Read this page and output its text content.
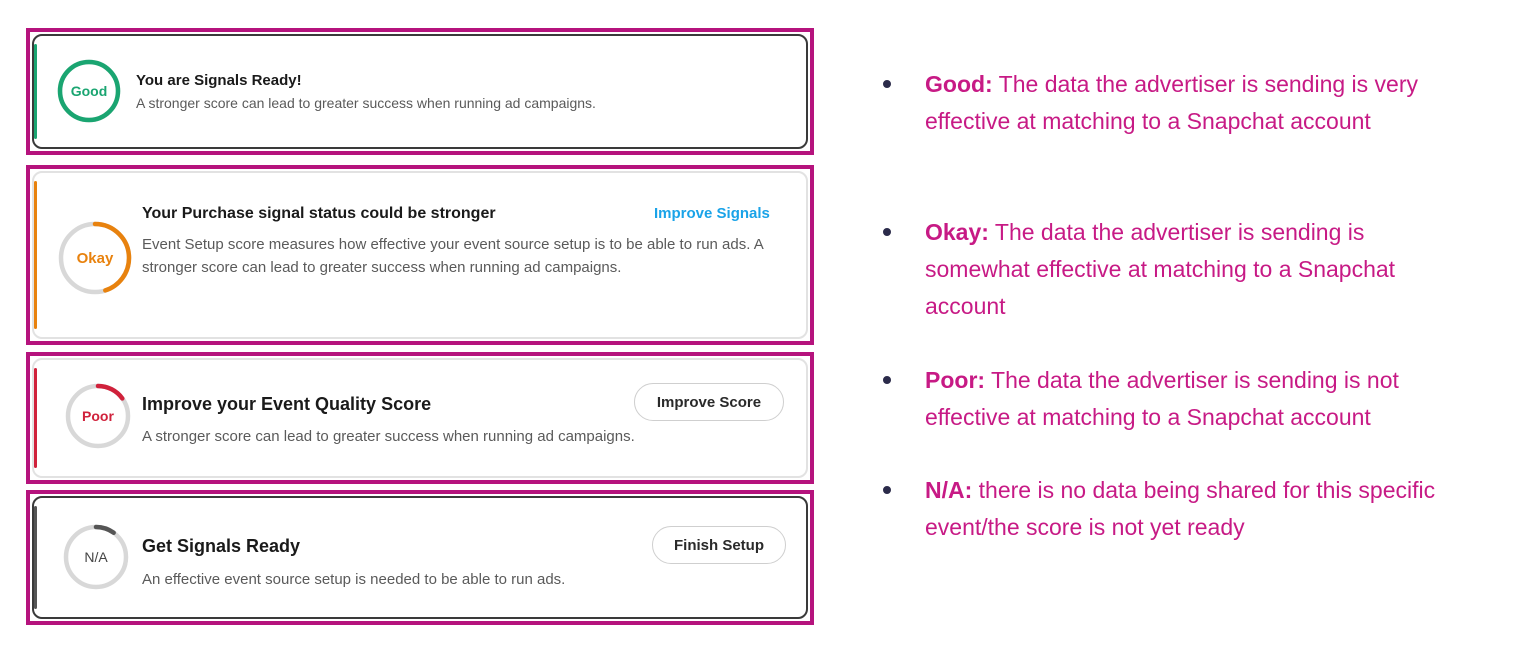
Good
You are Signals Ready!
A stronger score can lead to greater success when running ad campaigns.
Okay
Your Purchase signal status could be stronger	Improve Signals
Event Setup score measures how effective your event source setup is to be able to run ads. A stronger score can lead to greater success when running ad campaigns.
Poor
Improve your Event Quality Score	Improve Score
A stronger score can lead to greater success when running ad campaigns.
N/A
Get Signals Ready	Finish Setup
An effective event source setup is needed to be able to run ads.
Good: The data the advertiser is sending is very effective at matching to a Snapchat account
Okay: The data the advertiser is sending is somewhat effective at matching to a Snapchat account
Poor: The data the advertiser is sending is not effective at matching to a Snapchat account
N/A: there is no data being shared for this specific event/the score is not yet ready
